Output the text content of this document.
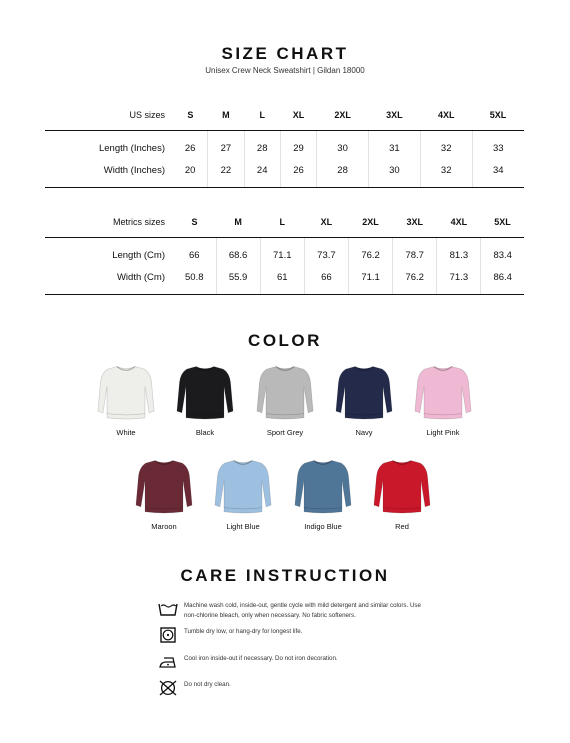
SIZE CHART
Unisex Crew Neck Sweatshirt | Gildan 18000
US sizes	S	M	L	XL	2XL	3XL	4XL	5XL
Length (Inches)	26	27	28	29	30	31	32	33
Width (Inches)	20	22	24	26	28	30	32	34
Metrics sizes	S	M	L	XL	2XL	3XL	4XL	5XL
Length (Cm)	66	68.6	71.1	73.7	76.2	78.7	81.3	83.4
Width (Cm)	50.8	55.9	61	66	71.1	76.2	71.3	86.4
COLOR
White	Black	Sport Grey	Navy	Light Pink
Maroon	Light Blue	Indigo Blue	Red
CARE INSTRUCTION
Machine wash cold, inside-out, gentle cycle with mild detergent and similar colors. Use non-chlorine bleach, only when necessary. No fabric softeners.
Tumble dry low, or hang-dry for longest life.
Cool iron inside-out if necessary. Do not iron decoration.
Do not dry clean.
